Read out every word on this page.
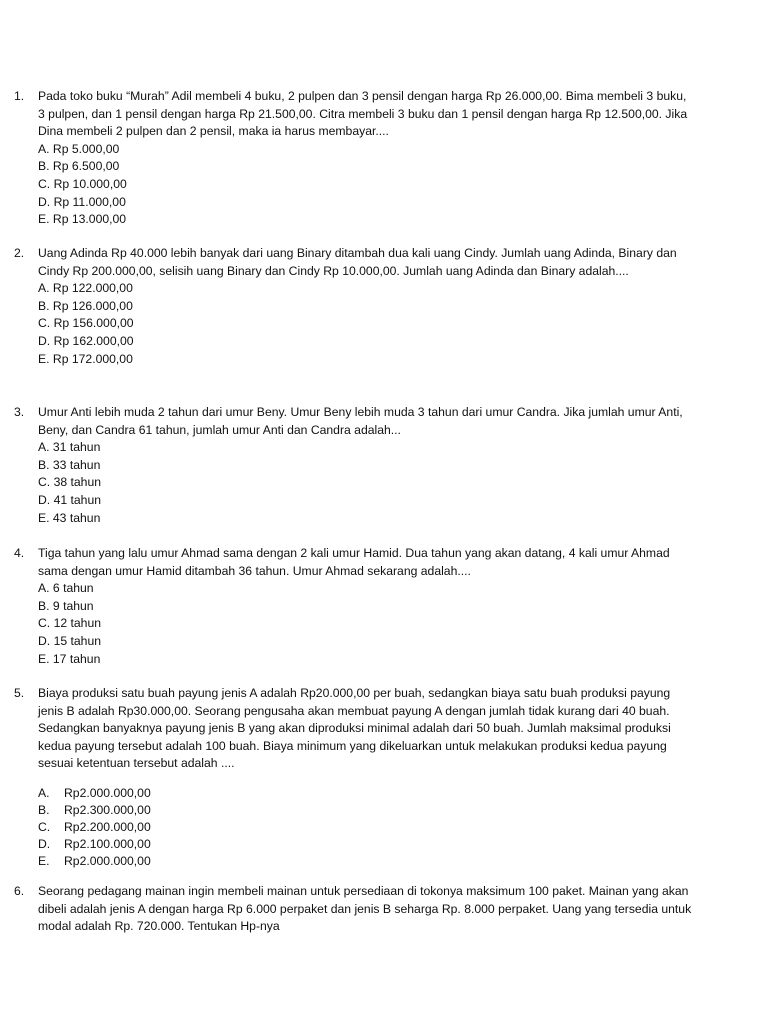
1.	Pada toko buku “Murah” Adil membeli 4 buku, 2 pulpen dan 3 pensil dengan harga Rp 26.000,00. Bima membeli 3 buku, 3 pulpen, dan 1 pensil dengan harga Rp 21.500,00. Citra membeli 3 buku dan 1 pensil dengan harga Rp 12.500,00. Jika Dina membeli 2 pulpen dan 2 pensil, maka ia harus membayar....

A. Rp 5.000,00
B. Rp 6.500,00
C. Rp 10.000,00
D. Rp 11.000,00
E. Rp 13.000,00
2.	Uang Adinda Rp 40.000 lebih banyak dari uang Binary ditambah dua kali uang Cindy. Jumlah uang Adinda, Binary dan Cindy Rp 200.000,00, selisih uang Binary dan Cindy Rp 10.000,00. Jumlah uang Adinda dan Binary adalah....

A. Rp 122.000,00
B. Rp 126.000,00
C. Rp 156.000,00
D. Rp 162.000,00
E. Rp 172.000,00
3.	Umur Anti lebih muda 2 tahun dari umur Beny. Umur Beny lebih muda 3 tahun dari umur Candra. Jika jumlah umur Anti, Beny, dan Candra 61 tahun, jumlah umur Anti dan Candra adalah...

A. 31 tahun
B. 33 tahun
C. 38 tahun
D. 41 tahun
E. 43 tahun
4.	Tiga tahun yang lalu umur Ahmad sama dengan 2 kali umur Hamid. Dua tahun yang akan datang, 4 kali umur Ahmad sama dengan umur Hamid ditambah 36 tahun. Umur Ahmad sekarang adalah....

A. 6 tahun
B. 9 tahun
C. 12 tahun
D. 15 tahun
E. 17 tahun
5.	Biaya produksi satu buah payung jenis A adalah Rp20.000,00 per buah, sedangkan biaya satu buah produksi payung jenis B adalah Rp30.000,00. Seorang pengusaha akan membuat payung A dengan jumlah tidak kurang dari 40 buah. Sedangkan banyaknya payung jenis B yang akan diproduksi minimal adalah dari 50 buah. Jumlah maksimal produksi kedua payung tersebut adalah 100 buah. Biaya minimum yang dikeluarkan untuk melakukan produksi kedua payung sesuai ketentuan tersebut adalah ....

A. Rp2.000.000,00
B. Rp2.300.000,00
C. Rp2.200.000,00
D. Rp2.100.000,00
E. Rp2.000.000,00
6.	Seorang pedagang mainan ingin membeli mainan untuk persediaan di tokonya maksimum 100 paket. Mainan yang akan dibeli adalah jenis A dengan harga Rp 6.000 perpaket dan jenis B seharga Rp. 8.000 perpaket. Uang yang tersedia untuk modal adalah Rp. 720.000. Tentukan Hp-nya
